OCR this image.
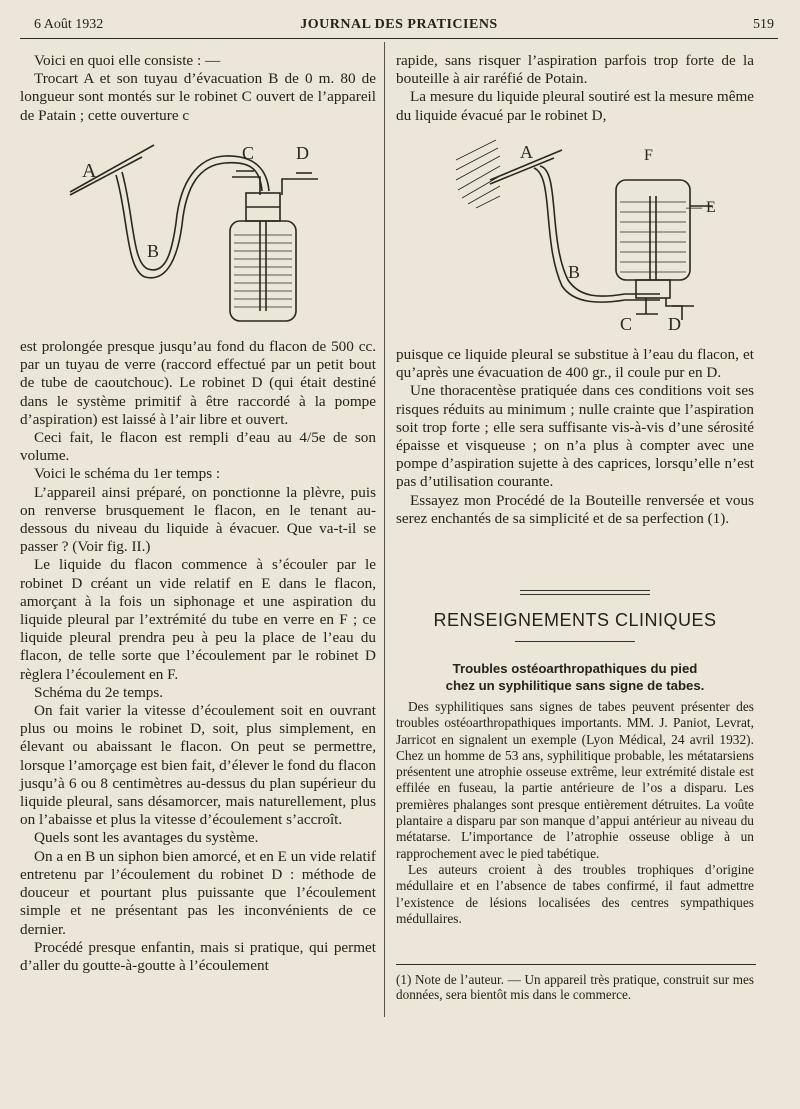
6 Août 1932	JOURNAL DES PRATICIENS	519

Voici en quoi elle consiste : —

Trocart A et son tuyau d’évacuation B de 0 m. 80 de longueur sont montés sur le robinet C ouvert de l’appareil de Patain ; cette ouverture c

A
B
C D

est prolongée presque jusqu’au fond du flacon de 500 cc. par un tuyau de verre (raccord effectué par un petit bout de tube de caoutchouc). Le robinet D (qui était destiné dans le système primitif à être raccordé à la pompe d’aspiration) est laissé à l’air libre et ouvert.

Ceci fait, le flacon est rempli d’eau au 4/5e de son volume.

Voici le schéma du 1er temps :

L’appareil ainsi préparé, on ponctionne la plèvre, puis on renverse brusquement le flacon, en le tenant au-dessous du niveau du liquide à évacuer. Que va-t-il se passer ? (Voir fig. II.)

Le liquide du flacon commence à s’écouler par le robinet D créant un vide relatif en E dans le flacon, amorçant à la fois un siphonage et une aspiration du liquide pleural par l’extrémité du tube en verre en F ; ce liquide pleural prendra peu à peu la place de l’eau du flacon, de telle sorte que l’écoulement par le robinet D règlera l’écoulement en F.

Schéma du 2e temps.

On fait varier la vitesse d’écoulement soit en ouvrant plus ou moins le robinet D, soit, plus simplement, en élevant ou abaissant le flacon. On peut se permettre, lorsque l’amorçage est bien fait, d’élever le fond du flacon jusqu’à 6 ou 8 centimètres au-dessus du plan supérieur du liquide pleural, sans désamorcer, mais naturellement, plus on l’abaisse et plus la vitesse d’écoulement s’accroît.

Quels sont les avantages du système.

On a en B un siphon bien amorcé, et en E un vide relatif entretenu par l’écoulement du robinet D : méthode de douceur et pourtant plus puissante que l’écoulement simple et ne présentant pas les inconvénients de ce dernier.

Procédé presque enfantin, mais si pratique, qui permet d’aller du goutte-à-goutte à l’écoulement

rapide, sans risquer l’aspiration parfois trop forte de la bouteille à air raréfié de Potain.

La mesure du liquide pleural soutiré est la mesure même du liquide évacué par le robinet D,

A
B
F
— E
C D

puisque ce liquide pleural se substitue à l’eau du flacon, et qu’après une évacuation de 400 gr., il coule pur en D.

Une thoracentèse pratiquée dans ces conditions voit ses risques réduits au minimum ; nulle crainte que l’aspiration soit trop forte ; elle sera suffisante vis-à-vis d’une sérosité épaisse et visqueuse ; on n’a plus à compter avec une pompe d’aspiration sujette à des caprices, lorsqu’elle n’est pas d’utilisation courante.

Essayez mon Procédé de la Bouteille renversée et vous serez enchantés de sa simplicité et de sa perfection (1).

RENSEIGNEMENTS CLINIQUES
Troubles ostéoarthropathiques du pied
chez un syphilitique sans signe de tabes.

Des syphilitiques sans signes de tabes peuvent présenter des troubles ostéoarthropathiques importants. MM. J. Paniot, Levrat, Jarricot en signalent un exemple (Lyon Médical, 24 avril 1932). Chez un homme de 53 ans, syphilitique probable, les métatarsiens présentent une atrophie osseuse extrême, leur extrémité distale est effilée en fuseau, la partie antérieure de l’os a disparu. Les premières phalanges sont presque entièrement détruites. La voûte plantaire a disparu par son manque d’appui antérieur au niveau du métatarse. L’importance de l’atrophie osseuse oblige à un rapprochement avec le pied tabétique.

Les auteurs croient à des troubles trophiques d’origine médullaire et en l’absence de tabes confirmé, il faut admettre l’existence de lésions localisées des centres sympathiques médullaires.

(1) Note de l’auteur. — Un appareil très pratique, construit sur mes données, sera bientôt mis dans le commerce.
